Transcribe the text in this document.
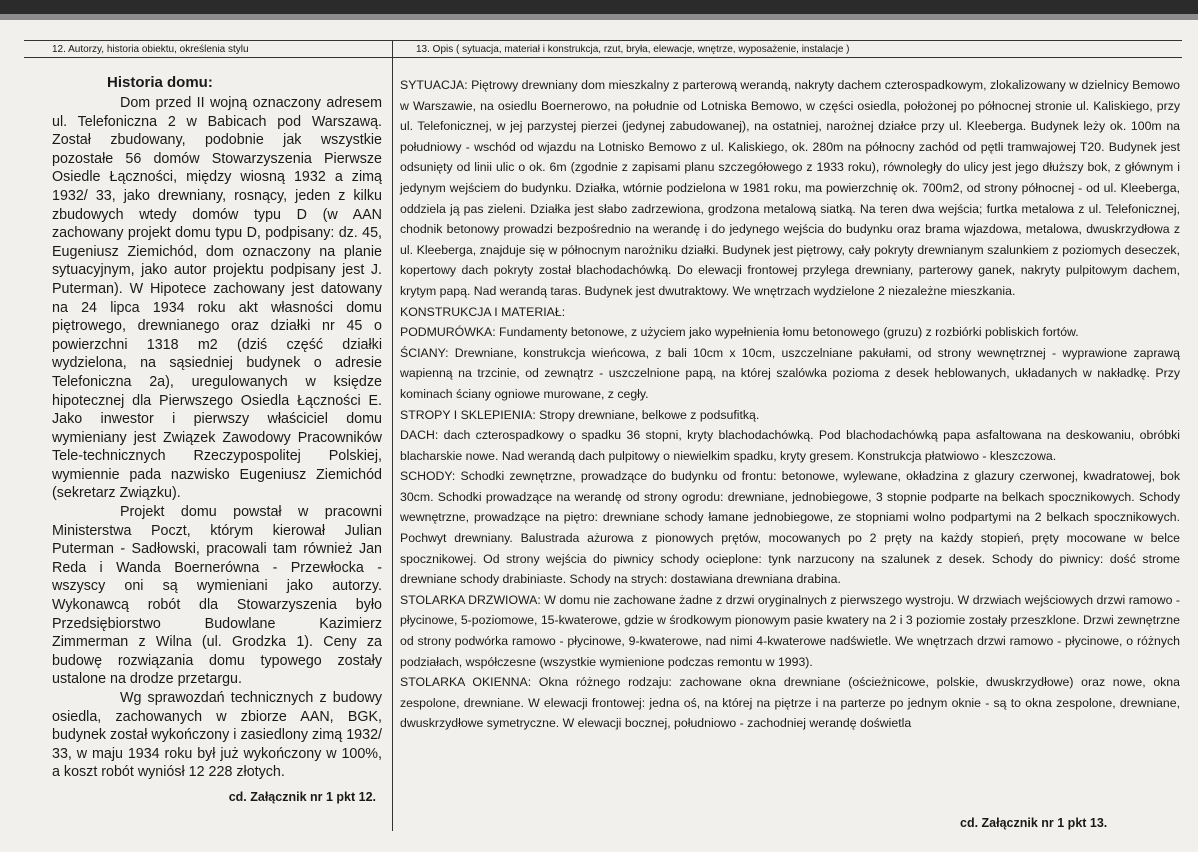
12. Autorzy, historia obiektu, określenia stylu	13. Opis ( sytuacja, materiał i konstrukcja, rzut, bryła, elewacje, wnętrze, wyposażenie, instalacje )
Historia domu:

Dom przed II wojną oznaczony adresem ul. Telefoniczna 2 w Babicach pod Warszawą. Został zbudowany, podobnie jak wszystkie pozostałe 56 domów Stowarzyszenia Pierwsze Osiedle Łączności, między wiosną 1932 a zimą 1932/ 33, jako drewniany, rosnący, jeden z kilku zbudowych wtedy domów typu D (w AAN zachowany projekt domu typu D, podpisany: dz. 45, Eugeniusz Ziemichód, dom oznaczony na planie sytuacyjnym, jako autor projektu podpisany jest J. Puterman). W Hipotece zachowany jest datowany na 24 lipca 1934 roku akt własności domu piętrowego, drewnianego oraz działki nr 45 o powierzchni 1318 m2 (dziś część działki wydzielona, na sąsiedniej budynek o adresie Telefoniczna 2a), uregulowanych w księdze hipotecznej dla Pierwszego Osiedla Łączności E. Jako inwestor i pierwszy właściciel domu wymieniany jest Związek Zawodowy Pracowników Tele-technicznych Rzeczypospolitej Polskiej, wymiennie pada nazwisko Eugeniusz Ziemichód (sekretarz Związku).

Projekt domu powstał w pracowni Ministerstwa Poczt, którym kierował Julian Puterman - Sadłowski, pracowali tam również Jan Reda i Wanda Boernerówna - Przewłocka - wszyscy oni są wymieniani jako autorzy. Wykonawcą robót dla Stowarzyszenia było Przedsiębiorstwo Budowlane Kazimierz Zimmerman z Wilna (ul. Grodzka 1). Ceny za budowę rozwiązania domu typowego zostały ustalone na drodze przetargu.

Wg sprawozdań technicznych z budowy osiedla, zachowanych w zbiorze AAN, BGK, budynek został wykończony i zasiedlony zimą 1932/ 33, w maju 1934 roku był już wykończony w 100%, a koszt robót wyniósł 12 228 złotych.

cd. Załącznik nr 1 pkt 12.

SYTUACJA: Piętrowy drewniany dom mieszkalny z parterową werandą, nakryty dachem czterospadkowym, zlokalizowany w dzielnicy Bemowo w Warszawie, na osiedlu Boernerowo, na południe od Lotniska Bemowo, w części osiedla, położonej po północnej stronie ul. Kaliskiego, przy ul. Telefonicznej, w jej parzystej pierzei (jedynej zabudowanej), na ostatniej, narożnej działce przy ul. Kleeberga. Budynek leży ok. 100m na południowy - wschód od wjazdu na Lotnisko Bemowo z ul. Kaliskiego, ok. 280m na północny zachód od pętli tramwajowej T20. Budynek jest odsunięty od linii ulic o ok. 6m (zgodnie z zapisami planu szczegółowego z 1933 roku), równoległy do ulicy jest jego dłuższy bok, z głównym i jedynym wejściem do budynku. Działka, wtórnie podzielona w 1981 roku, ma powierzchnię ok. 700m2, od strony północnej - od ul. Kleeberga, oddziela ją pas zieleni. Działka jest słabo zadrzewiona, grodzona metalową siatką. Na teren dwa wejścia; furtka metalowa z ul. Telefonicznej, chodnik betonowy prowadzi bezpośrednio na werandę i do jedynego wejścia do budynku oraz brama wjazdowa, metalowa, dwuskrzydłowa z ul. Kleeberga, znajduje się w północnym narożniku działki. Budynek jest piętrowy, cały pokryty drewnianym szalunkiem z poziomych deseczek, kopertowy dach pokryty został blachodachówką. Do elewacji frontowej przylega drewniany, parterowy ganek, nakryty pulpitowym dachem, krytym papą. Nad werandą taras. Budynek jest dwutraktowy. We wnętrzach wydzielone 2 niezależne mieszkania.

KONSTRUKCJA I MATERIAŁ:

PODMURÓWKA: Fundamenty betonowe, z użyciem jako wypełnienia łomu betonowego (gruzu) z rozbiórki pobliskich fortów.

ŚCIANY: Drewniane, konstrukcja wieńcowa, z bali 10cm x 10cm, uszczelniane pakułami, od strony wewnętrznej - wyprawione zaprawą wapienną na trzcinie, od zewnątrz - uszczelnione papą, na której szalówka pozioma z desek heblowanych, układanych w nakładkę. Przy kominach ściany ogniowe murowane, z cegły.

STROPY I SKLEPIENIA: Stropy drewniane, belkowe z podsufitką.

DACH: dach czterospadkowy o spadku 36 stopni, kryty blachodachówką. Pod blachodachówką papa asfaltowana na deskowaniu, obróbki blacharskie nowe. Nad werandą dach pulpitowy o niewielkim spadku, kryty gresem. Konstrukcja płatwiowo - kleszczowa.

SCHODY: Schodki zewnętrzne, prowadzące do budynku od frontu: betonowe, wylewane, okładzina z glazury czerwonej, kwadratowej, bok 30cm. Schodki prowadzące na werandę od strony ogrodu: drewniane, jednobiegowe, 3 stopnie podparte na belkach spocznikowych. Schody wewnętrzne, prowadzące na piętro: drewniane schody łamane jednobiegowe, ze stopniami wolno podpartymi na 2 belkach spocznikowych. Pochwyt drewniany. Balustrada ażurowa z pionowych prętów, mocowanych po 2 pręty na każdy stopień, pręty mocowane w belce spocznikowej. Od strony wejścia do piwnicy schody ocieplone: tynk narzucony na szalunek z desek. Schody do piwnicy: dość strome drewniane schody drabiniaste. Schody na strych: dostawiana drewniana drabina.

STOLARKA DRZWIOWA: W domu nie zachowane żadne z drzwi oryginalnych z pierwszego wystroju. W drzwiach wejściowych drzwi ramowo - płycinowe, 5-poziomowe, 15-kwaterowe, gdzie w środkowym pionowym pasie kwatery na 2 i 3 poziomie zostały przeszklone. Drzwi zewnętrzne od strony podwórka ramowo - płycinowe, 9-kwaterowe, nad nimi 4-kwaterowe nadświetle. We wnętrzach drzwi ramowo - płycinowe, o różnych podziałach, współczesne (wszystkie wymienione podczas remontu w 1993).

STOLARKA OKIENNA: Okna różnego rodzaju: zachowane okna drewniane (ościeżnicowe, polskie, dwuskrzydłowe) oraz nowe, okna zespolone, drewniane. W elewacji frontowej: jedna oś, na której na piętrze i na parterze po jednym oknie - są to okna zespolone, drewniane, dwuskrzydłowe symetryczne. W elewacji bocznej, południowo - zachodniej werandę doświetla

cd. Załącznik nr 1 pkt 13.
